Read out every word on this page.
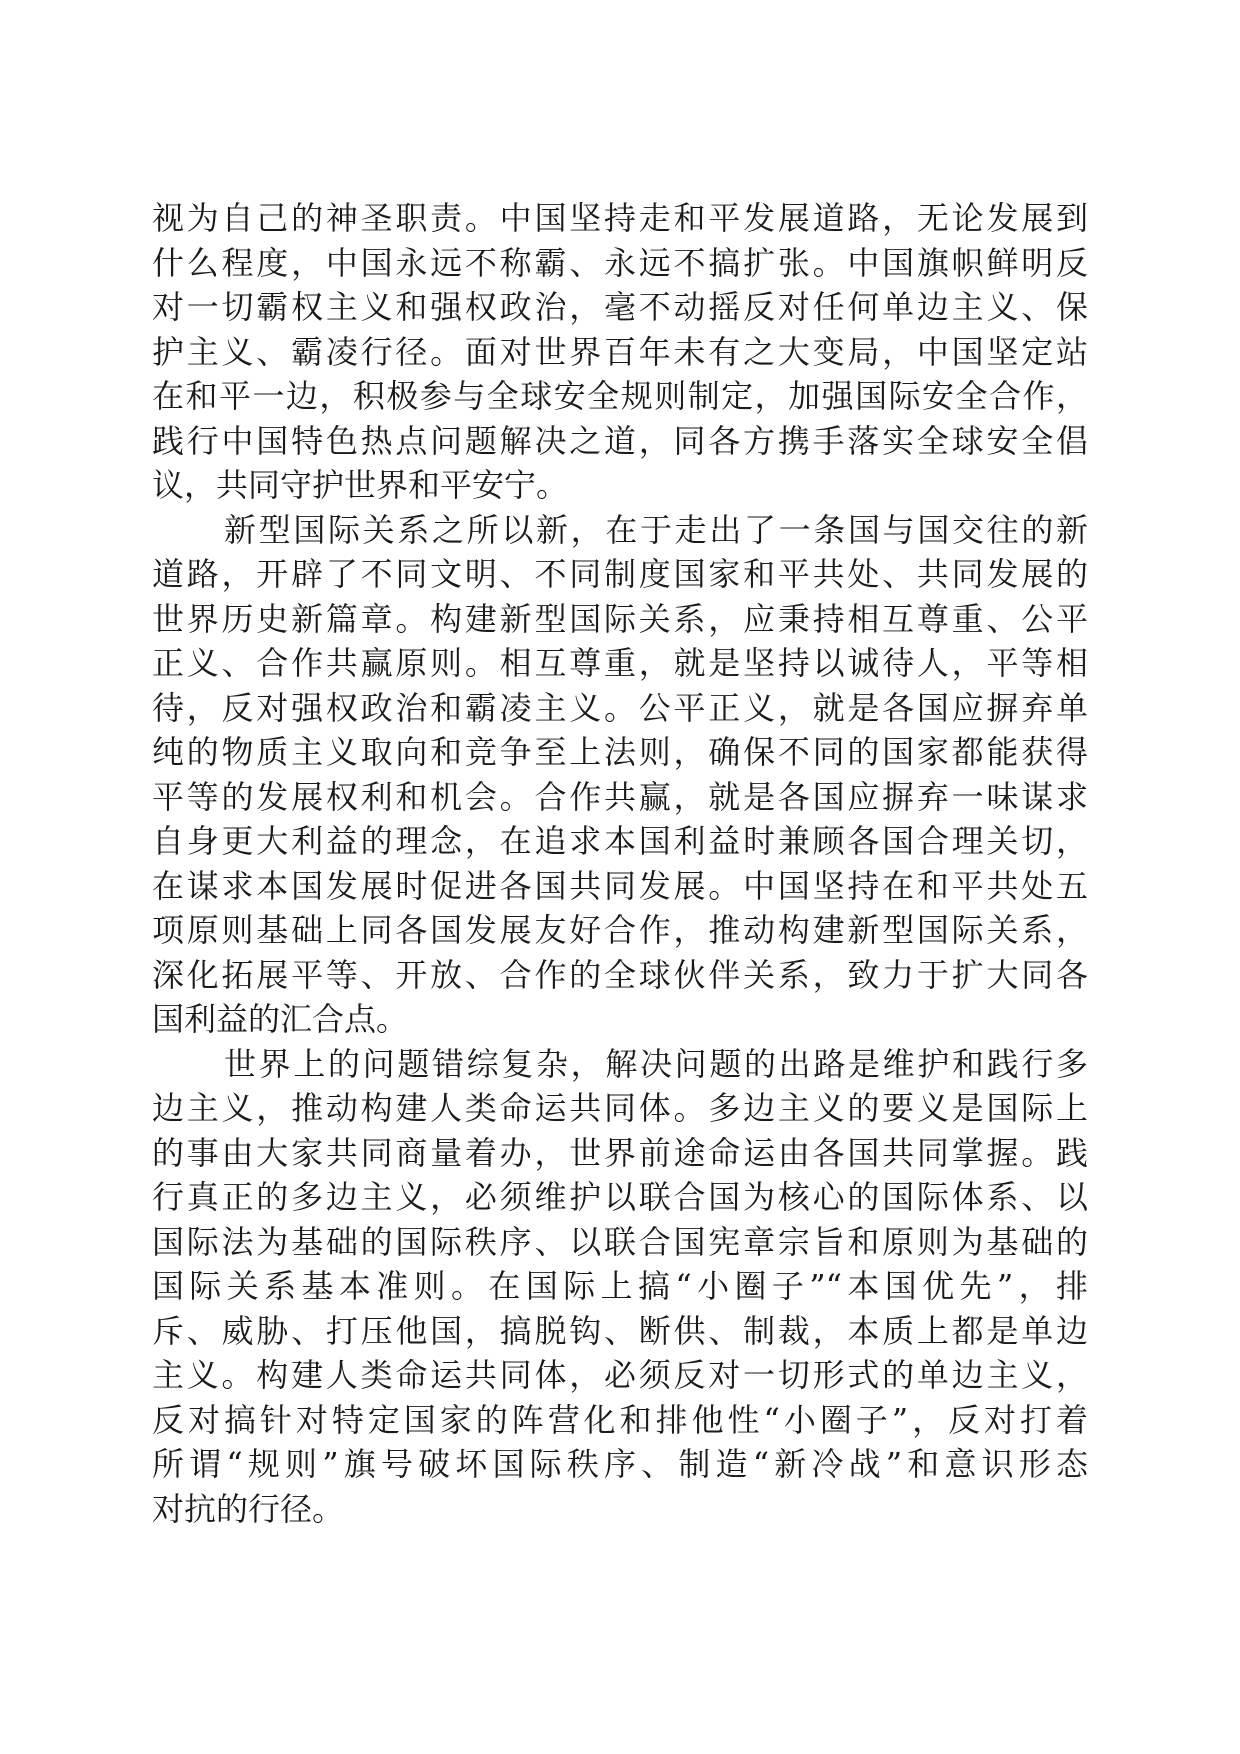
视为自己的神圣职责。中国坚持走和平发展道路，无论发展到
什么程度，中国永远不称霸、永远不搞扩张。中国旗帜鲜明反
对一切霸权主义和强权政治，毫不动摇反对任何单边主义、保
护主义、霸凌行径。面对世界百年未有之大变局，中国坚定站
在和平一边，积极参与全球安全规则制定，加强国际安全合作，
践行中国特色热点问题解决之道，同各方携手落实全球安全倡
议，共同守护世界和平安宁。
新型国际关系之所以新，在于走出了一条国与国交往的新
道路，开辟了不同文明、不同制度国家和平共处、共同发展的
世界历史新篇章。构建新型国际关系，应秉持相互尊重、公平
正义、合作共赢原则。相互尊重，就是坚持以诚待人，平等相
待，反对强权政治和霸凌主义。公平正义，就是各国应摒弃单
纯的物质主义取向和竞争至上法则，确保不同的国家都能获得
平等的发展权利和机会。合作共赢，就是各国应摒弃一味谋求
自身更大利益的理念，在追求本国利益时兼顾各国合理关切，
在谋求本国发展时促进各国共同发展。中国坚持在和平共处五
项原则基础上同各国发展友好合作，推动构建新型国际关系，
深化拓展平等、开放、合作的全球伙伴关系，致力于扩大同各
国利益的汇合点。
世界上的问题错综复杂，解决问题的出路是维护和践行多
边主义，推动构建人类命运共同体。多边主义的要义是国际上
的事由大家共同商量着办，世界前途命运由各国共同掌握。践
行真正的多边主义，必须维护以联合国为核心的国际体系、以
国际法为基础的国际秩序、以联合国宪章宗旨和原则为基础的
国际关系基本准则。在国际上搞“小圈子”“本国优先”，排
斥、威胁、打压他国，搞脱钩、断供、制裁，本质上都是单边
主义。构建人类命运共同体，必须反对一切形式的单边主义，
反对搞针对特定国家的阵营化和排他性“小圈子”，反对打着
所谓“规则”旗号破坏国际秩序、制造“新冷战”和意识形态
对抗的行径。
